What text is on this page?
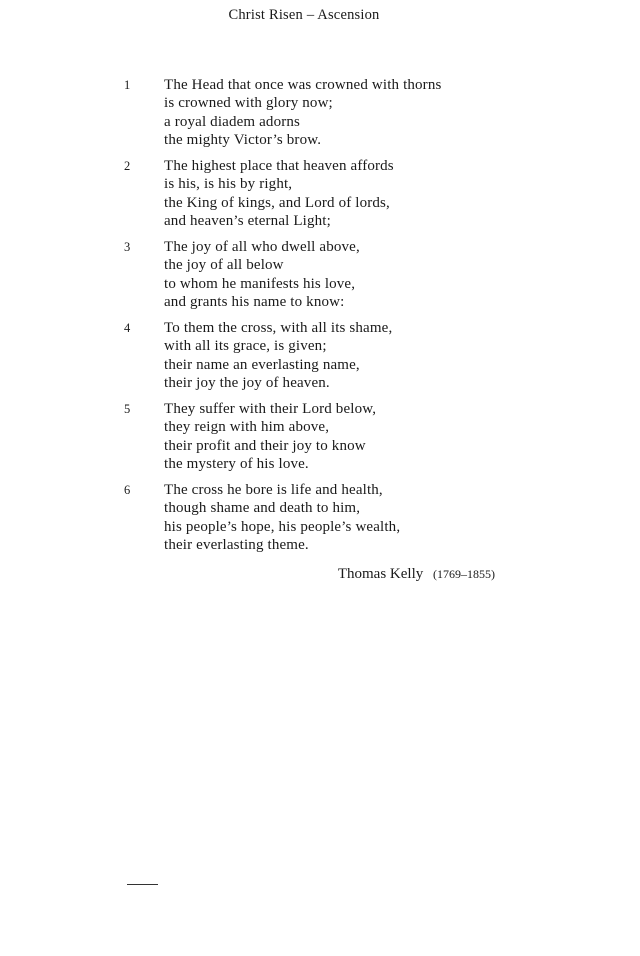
Christ Risen – Ascension
1	The Head that once was crowned with thorns
is crowned with glory now;
a royal diadem adorns
the mighty Victor’s brow.
2	The highest place that heaven affords
is his, is his by right,
the King of kings, and Lord of lords,
and heaven’s eternal Light;
3	The joy of all who dwell above,
the joy of all below
to whom he manifests his love,
and grants his name to know:
4	To them the cross, with all its shame,
with all its grace, is given;
their name an everlasting name,
their joy the joy of heaven.
5	They suffer with their Lord below,
they reign with him above,
their profit and their joy to know
the mystery of his love.
6	The cross he bore is life and health,
though shame and death to him,
his people’s hope, his people’s wealth,
their everlasting theme.
Thomas Kelly (1769–1855)
